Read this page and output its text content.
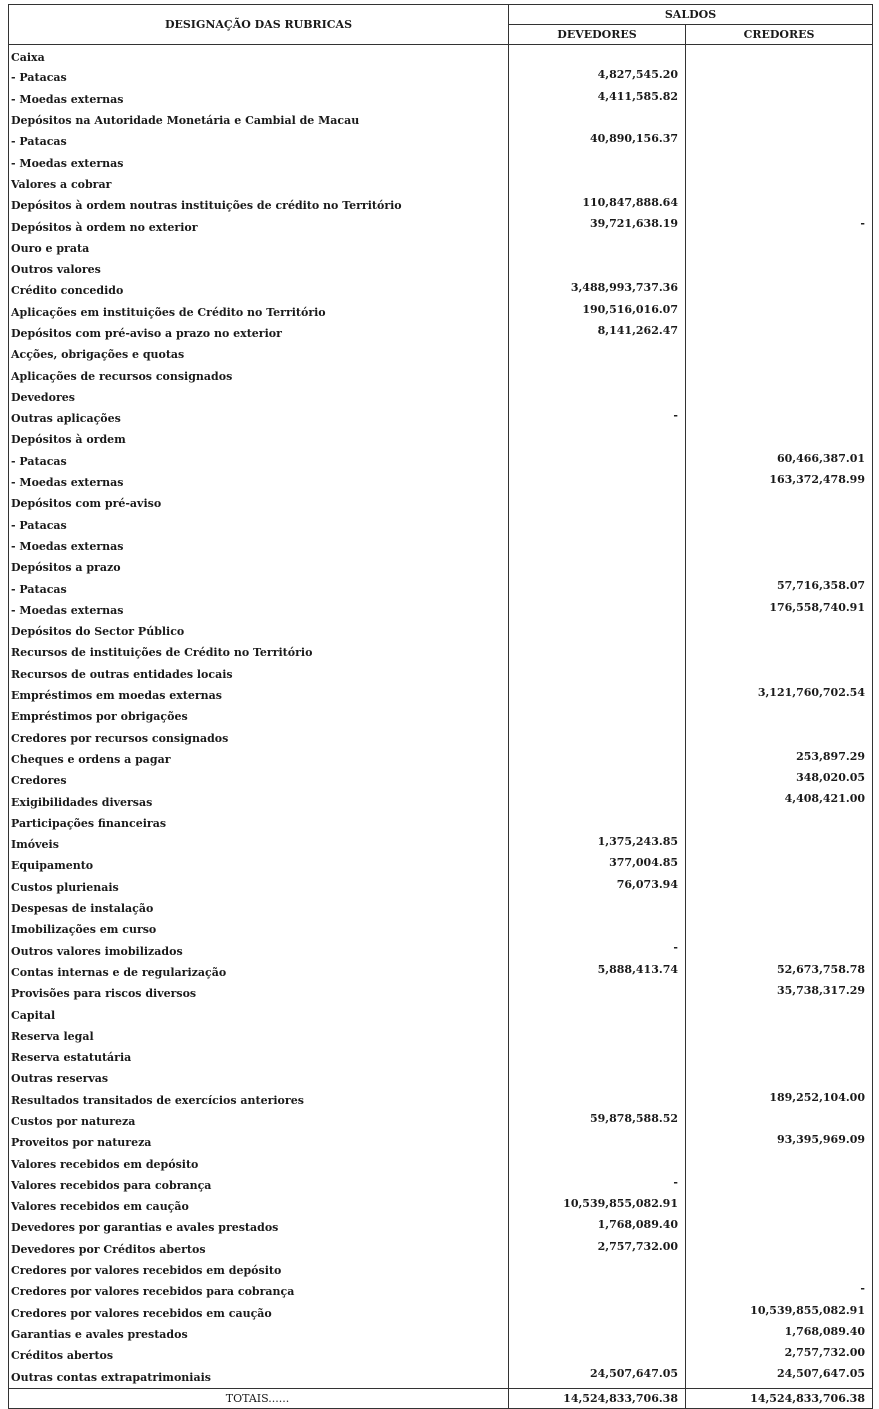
DESIGNAÇÃO DAS RUBRICAS	SALDOS	
	DEVEDORES	CREDORES
Caixa		
- Patacas	4,827,545.20	
- Moedas externas	4,411,585.82	
Depósitos na Autoridade Monetária e Cambial de Macau		
- Patacas	40,890,156.37	
- Moedas externas		
Valores a cobrar		
Depósitos à ordem noutras instituições de crédito no Território	110,847,888.64	
Depósitos à ordem no exterior	39,721,638.19	-
Ouro e prata		
Outros valores		
Crédito concedido	3,488,993,737.36	
Aplicações em instituições de Crédito no Território	190,516,016.07	
Depósitos com pré-aviso a prazo no exterior	8,141,262.47	
Acções, obrigações e quotas		
Aplicações de recursos consignados		
Devedores		
Outras aplicações	-	
Depósitos à ordem		
- Patacas		60,466,387.01
- Moedas externas		163,372,478.99
Depósitos com pré-aviso		
- Patacas		
- Moedas externas		
Depósitos a prazo		
- Patacas		57,716,358.07
- Moedas externas		176,558,740.91
Depósitos do Sector Público		
Recursos de instituições de Crédito no Território		
Recursos de outras entidades locais		
Empréstimos em moedas externas		3,121,760,702.54
Empréstimos por obrigações		
Credores por recursos consignados		
Cheques e ordens a pagar		253,897.29
Credores		348,020.05
Exigibilidades diversas		4,408,421.00
Participações financeiras		
Imóveis	1,375,243.85	
Equipamento	377,004.85	
Custos plurienais	76,073.94	
Despesas de instalação		
Imobilizações em curso		
Outros valores imobilizados	-	
Contas internas e de regularização	5,888,413.74	52,673,758.78
Provisões para riscos diversos		35,738,317.29
Capital		
Reserva legal		
Reserva estatutária		
Outras reservas		
Resultados transitados de exercícios anteriores		189,252,104.00
Custos por natureza	59,878,588.52	
Proveitos por natureza		93,395,969.09
Valores recebidos em depósito		
Valores recebidos para cobrança	-	
Valores recebidos em caução	10,539,855,082.91	
Devedores por garantias e avales prestados	1,768,089.40	
Devedores por Créditos abertos	2,757,732.00	
Credores por valores recebidos em depósito		
Credores por valores recebidos para cobrança		-
Credores por valores recebidos em caução		10,539,855,082.91
Garantias e avales prestados		1,768,089.40
Créditos abertos		2,757,732.00
Outras contas extrapatrimoniais	24,507,647.05	24,507,647.05
TOTAIS......	14,524,833,706.38	14,524,833,706.38
